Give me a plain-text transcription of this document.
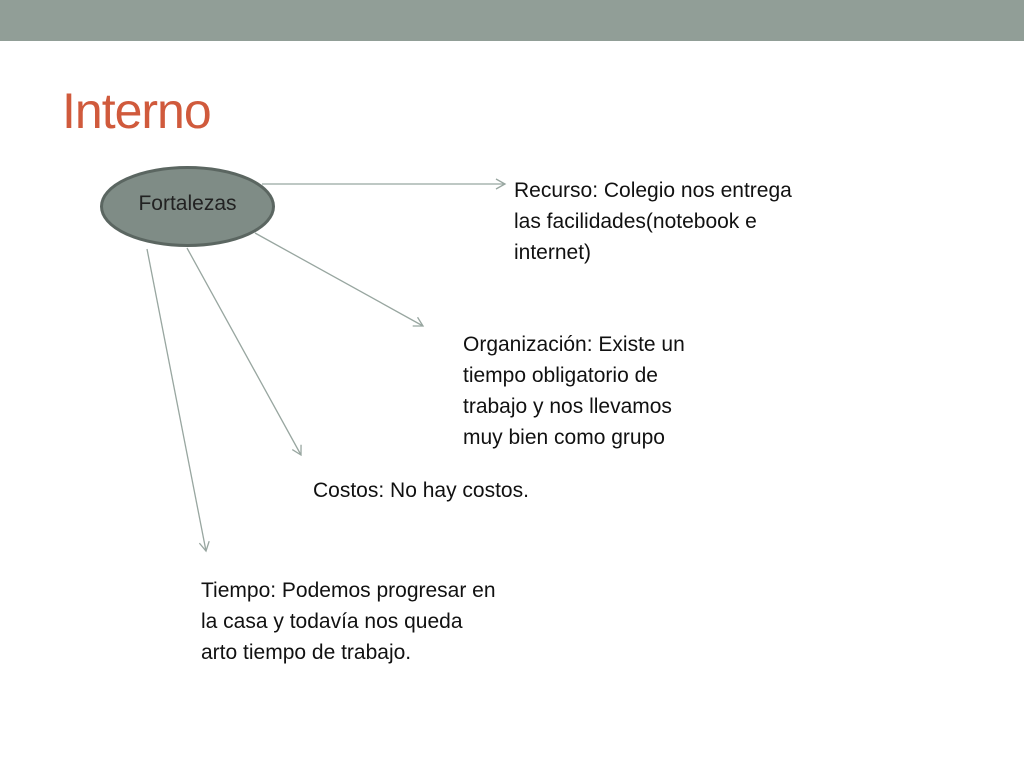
Interno
Fortalezas
Recurso: Colegio nos entrega
las facilidades(notebook e
internet)
Organización: Existe un
tiempo obligatorio de
trabajo y nos llevamos
muy bien como grupo
Costos: No hay costos.
Tiempo: Podemos progresar en
la casa y todavía nos queda
arto tiempo de trabajo.
